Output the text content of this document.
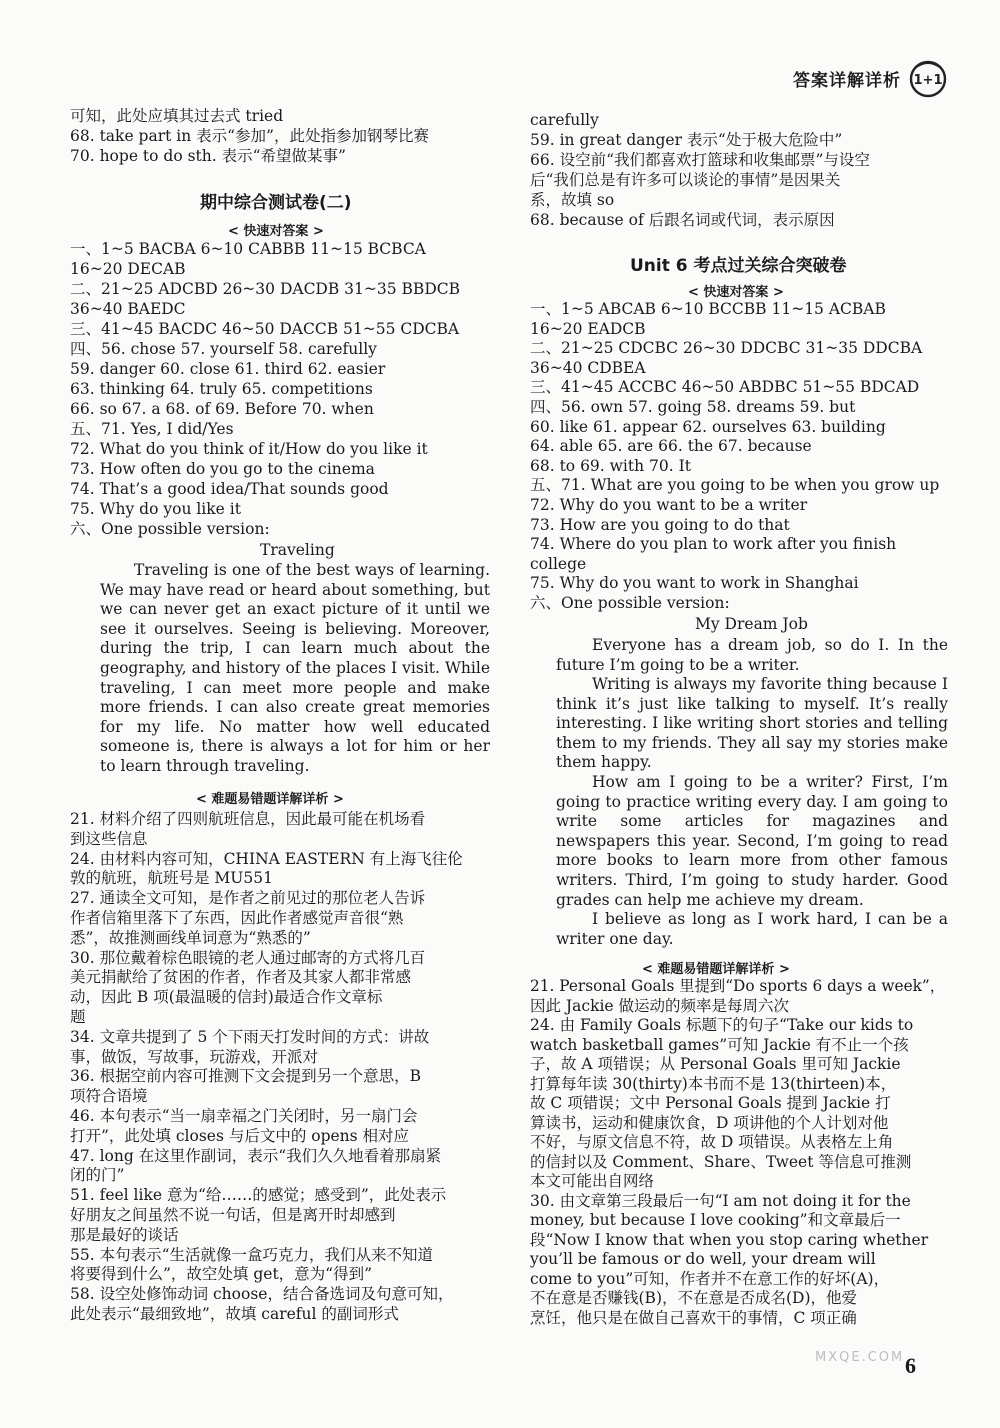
答案详解详析 1+1
可知，此处应填其过去式 tried
68. take part in 表示“参加”，此处指参加钢琴比赛
70. hope to do sth. 表示“希望做某事”
期中综合测试卷(二)
< 快速对答案 >
一、1~5 BACBA 6~10 CABBB 11~15 BCBCA
16~20 DECAB
二、21~25 ADCBD 26~30 DACDB 31~35 BBDCB
36~40 BAEDC
三、41~45 BACDC 46~50 DACCB 51~55 CDCBA
四、56. chose 57. yourself 58. carefully
59. danger 60. close 61. third 62. easier
63. thinking 64. truly 65. competitions
66. so 67. a 68. of 69. Before 70. when
五、71. Yes, I did/Yes
72. What do you think of it/How do you like it
73. How often do you go to the cinema
74. That’s a good idea/That sounds good
75. Why do you like it
六、One possible version:
Traveling
Traveling is one of the best ways of learning. We may have read or heard about something, but we can never get an exact picture of it until we see it ourselves. Seeing is believing. Moreover, during the trip, I can learn much about the geography, and history of the places I visit. While traveling, I can meet more people and make more friends. I can also create great memories for my life. No matter how well educated someone is, there is always a lot for him or her to learn through traveling.
< 难题易错题详解详析 >
21. 材料介绍了四则航班信息，因此最可能在机场看
到这些信息
24. 由材料内容可知，CHINA EASTERN 有上海飞往伦
敦的航班，航班号是 MU551
27. 通读全文可知，是作者之前见过的那位老人告诉
作者信箱里落下了东西，因此作者感觉声音很“熟
悉”，故推测画线单词意为“熟悉的”
30. 那位戴着棕色眼镜的老人通过邮寄的方式将几百
美元捐献给了贫困的作者，作者及其家人都非常感
动，因此 B 项(最温暖的信封)最适合作文章标
题
34. 文章共提到了 5 个下雨天打发时间的方式：讲故
事，做饭，写故事，玩游戏，开派对
36. 根据空前内容可推测下文会提到另一个意思，B
项符合语境
46. 本句表示“当一扇幸福之门关闭时，另一扇门会
打开”，此处填 closes 与后文中的 opens 相对应
47. long 在这里作副词，表示“我们久久地看着那扇紧
闭的门”
51. feel like 意为“给……的感觉；感受到”，此处表示
好朋友之间虽然不说一句话，但是离开时却感到
那是最好的谈话
55. 本句表示“生活就像一盒巧克力，我们从来不知道
将要得到什么”，故空处填 get，意为“得到”
58. 设空处修饰动词 choose，结合备选词及句意可知，
此处表示“最细致地”，故填 careful 的副词形式
carefully
59. in great danger 表示“处于极大危险中”
66. 设空前“我们都喜欢打篮球和收集邮票”与设空
后“我们总是有许多可以谈论的事情”是因果关
系，故填 so
68. because of 后跟名词或代词，表示原因
Unit 6 考点过关综合突破卷
< 快速对答案 >
一、1~5 ABCAB 6~10 BCCBB 11~15 ACBAB
16~20 EADCB
二、21~25 CDCBC 26~30 DDCBC 31~35 DDCBA
36~40 CDBEA
三、41~45 ACCBC 46~50 ABDBC 51~55 BDCAD
四、56. own 57. going 58. dreams 59. but
60. like 61. appear 62. ourselves 63. building
64. able 65. are 66. the 67. because
68. to 69. with 70. It
五、71. What are you going to be when you grow up
72. Why do you want to be a writer
73. How are you going to do that
74. Where do you plan to work after you finish
college
75. Why do you want to work in Shanghai
六、One possible version:
My Dream Job
Everyone has a dream job, so do I. In the future I’m going to be a writer.
Writing is always my favorite thing because I think it’s just like talking to myself. It’s really interesting. I like writing short stories and telling them to my friends. They all say my stories make them happy.
How am I going to be a writer? First, I’m going to practice writing every day. I am going to write some articles for magazines and newspapers this year. Second, I’m going to read more books to learn more from other famous writers. Third, I’m going to study harder. Good grades can help me achieve my dream.
I believe as long as I work hard, I can be a writer one day.
< 难题易错题详解详析 >
21. Personal Goals 里提到“Do sports 6 days a week”，
因此 Jackie 做运动的频率是每周六次
24. 由 Family Goals 标题下的句子“Take our kids to
watch basketball games”可知 Jackie 有不止一个孩
子，故 A 项错误；从 Personal Goals 里可知 Jackie
打算每年读 30(thirty)本书而不是 13(thirteen)本，
故 C 项错误；文中 Personal Goals 提到 Jackie 打
算读书，运动和健康饮食，D 项讲他的个人计划对他
不好，与原文信息不符，故 D 项错误。从表格左上角
的信封以及 Comment、Share、Tweet 等信息可推测
本文可能出自网络
30. 由文章第三段最后一句“I am not doing it for the
money, but because I love cooking”和文章最后一
段“Now I know that when you stop caring whether
you’ll be famous or do well, your dream will
come to you”可知，作者并不在意工作的好坏(A)，
不在意是否赚钱(B)，不在意是否成名(D)，他爱
烹饪，他只是在做自己喜欢干的事情，C 项正确
6
MXQE.COM
